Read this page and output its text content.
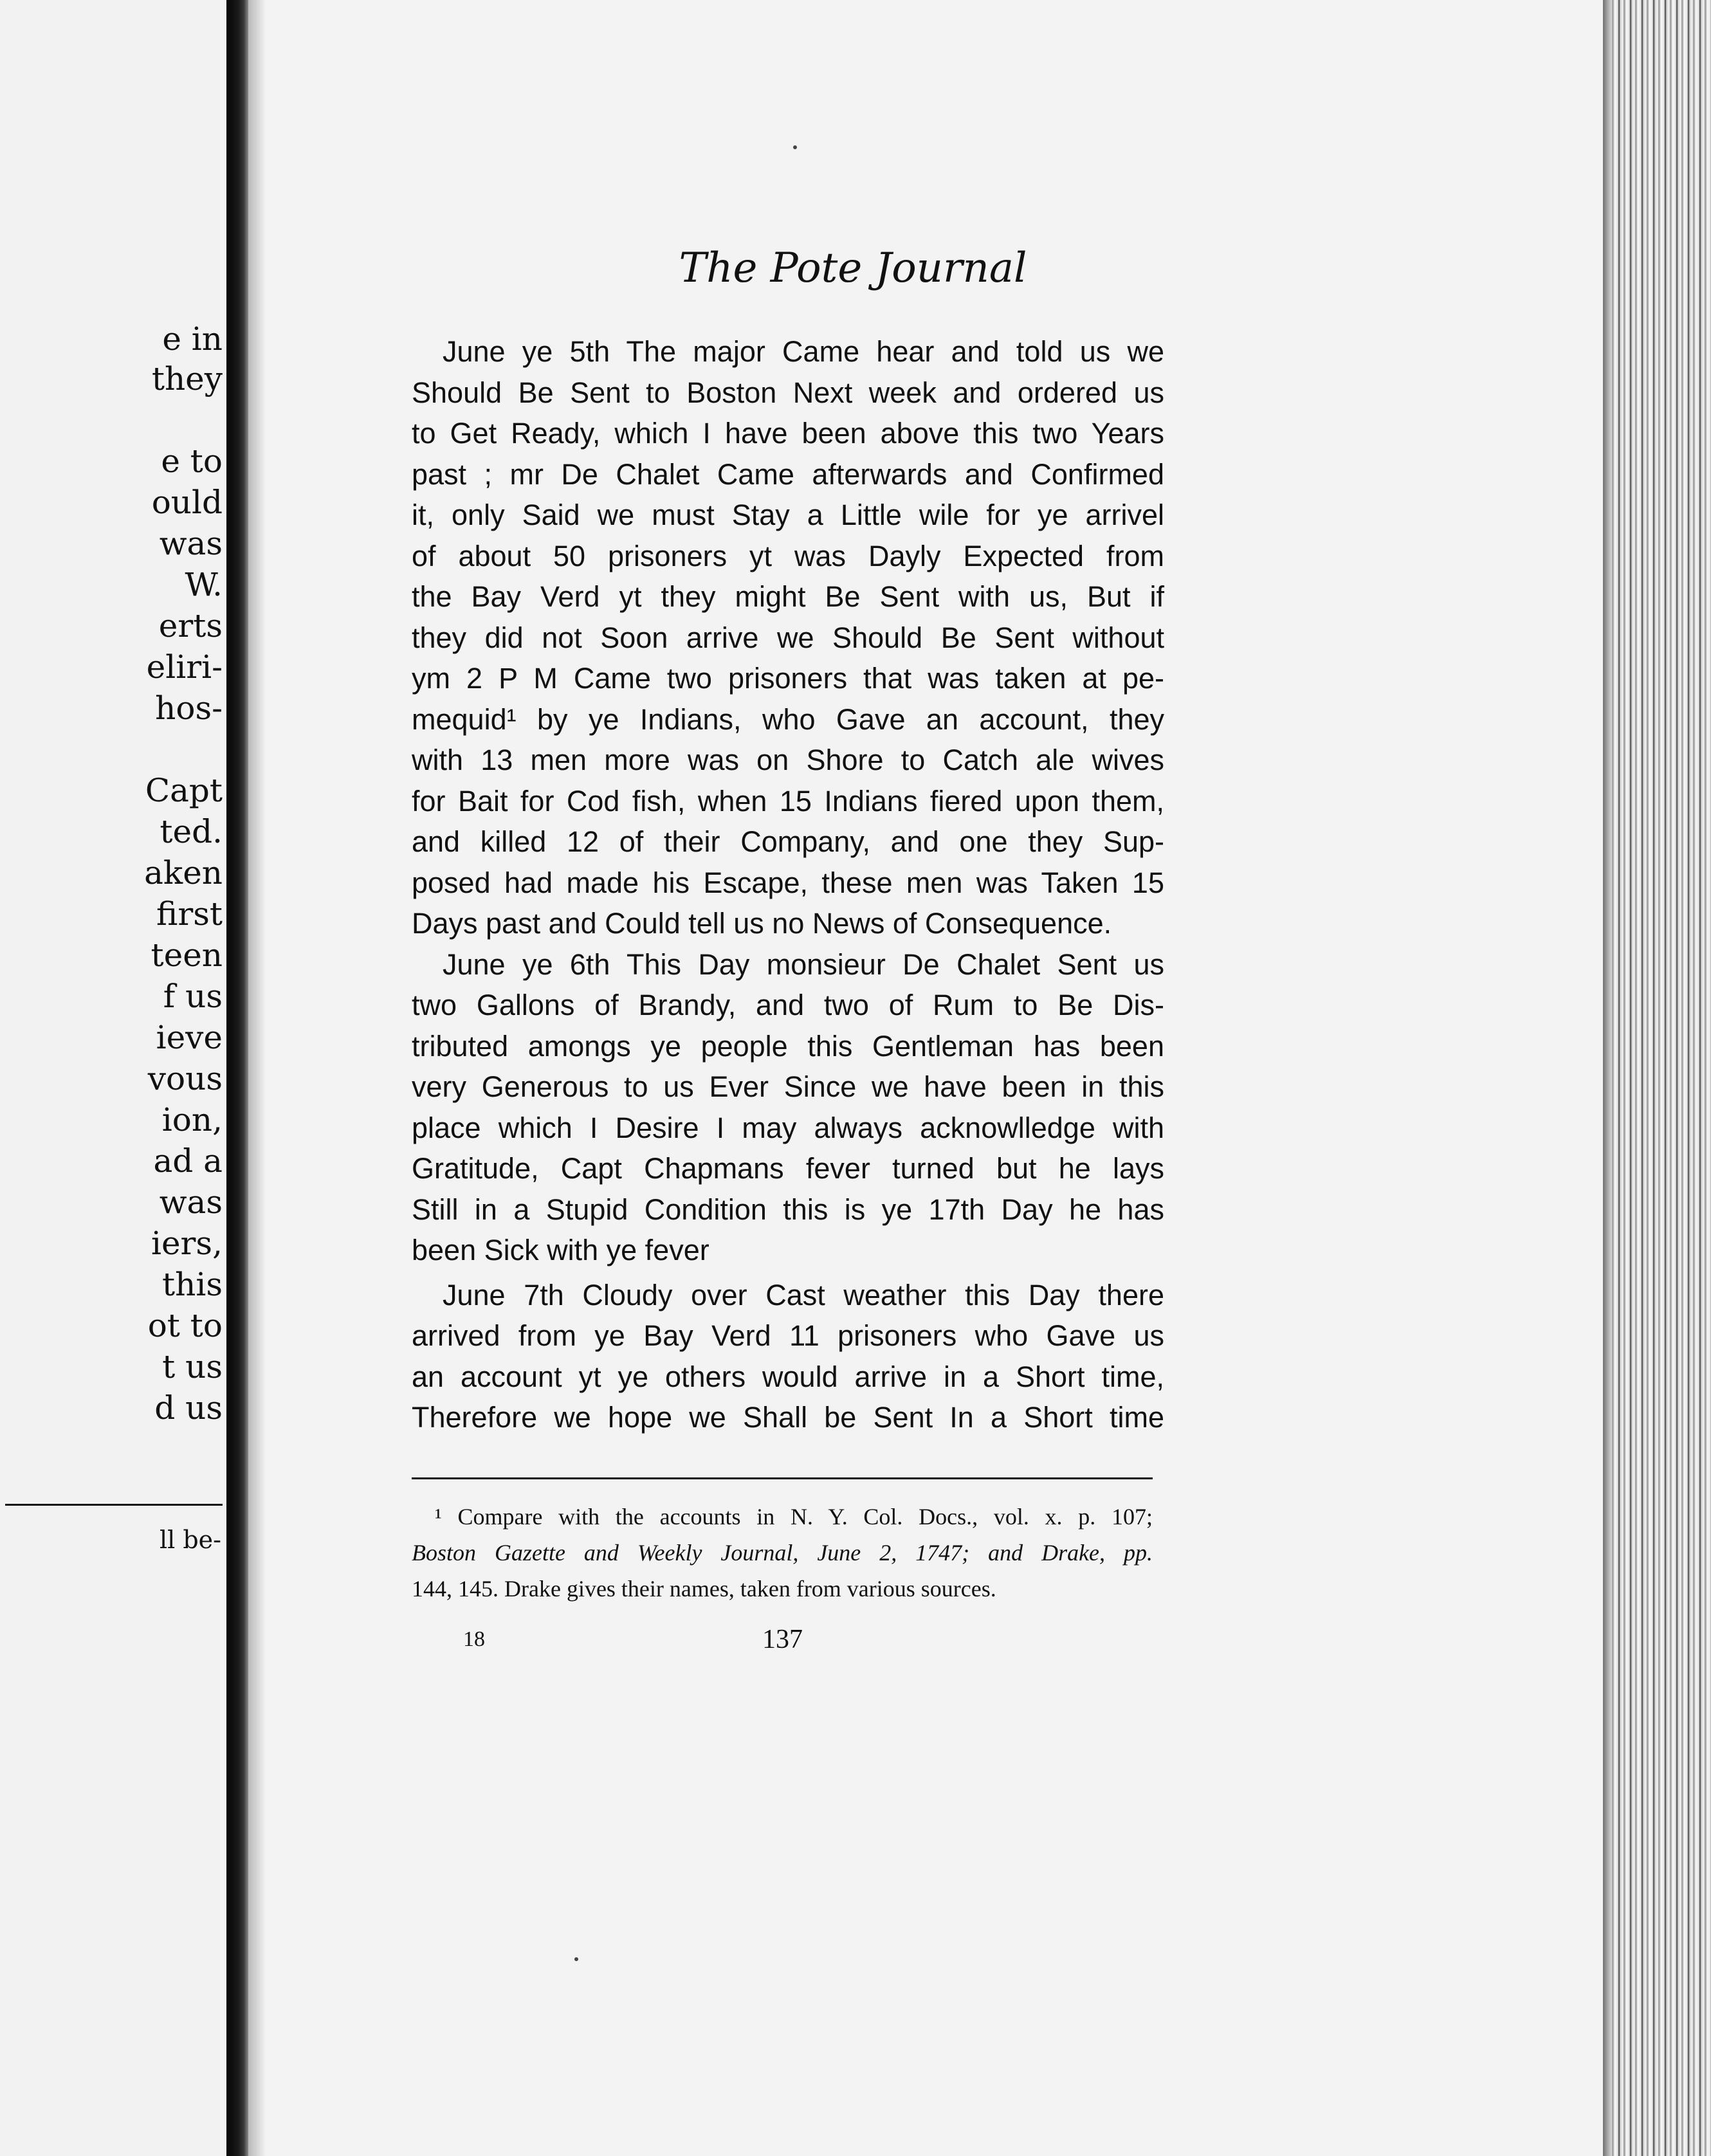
e in
they
e to
ould
was
W.
erts
eliri-
hos-
Capt
ted.
aken
first
teen
f us
ieve
vous
ion,
ad a
was
iers,
this
ot to
t us
d us
ll be-
The Pote Journal
June ye 5th The major Came hear and told us we
Should Be Sent to Boston Next week and ordered us
to Get Ready, which I have been above this two Years
past ; mr De Chalet Came afterwards and Confirmed
it, only Said we must Stay a Little wile for ye arrivel
of about 50 prisoners yt was Dayly Expected from
the Bay Verd yt they might Be Sent with us, But if
they did not Soon arrive we Should Be Sent without
ym 2 P M Came two prisoners that was taken at pe-
mequid¹ by ye Indians, who Gave an account, they
with 13 men more was on Shore to Catch ale wives
for Bait for Cod fish, when 15 Indians fiered upon them,
and killed 12 of their Company, and one they Sup-
posed had made his Escape, these men was Taken 15
Days past and Could tell us no News of Consequence.
June ye 6th This Day monsieur De Chalet Sent us
two Gallons of Brandy, and two of Rum to Be Dis-
tributed amongs ye people this Gentleman has been
very Generous to us Ever Since we have been in this
place which I Desire I may always acknowlledge with
Gratitude, Capt Chapmans fever turned but he lays
Still in a Stupid Condition this is ye 17th Day he has
been Sick with ye fever
June 7th Cloudy over Cast weather this Day there
arrived from ye Bay Verd 11 prisoners who Gave us
an account yt ye others would arrive in a Short time,
Therefore we hope we Shall be Sent In a Short time
¹ Compare with the accounts in N. Y. Col. Docs., vol. x. p. 107;
Boston Gazette and Weekly Journal, June 2, 1747; and Drake, pp.
144, 145. Drake gives their names, taken from various sources.
18	137
